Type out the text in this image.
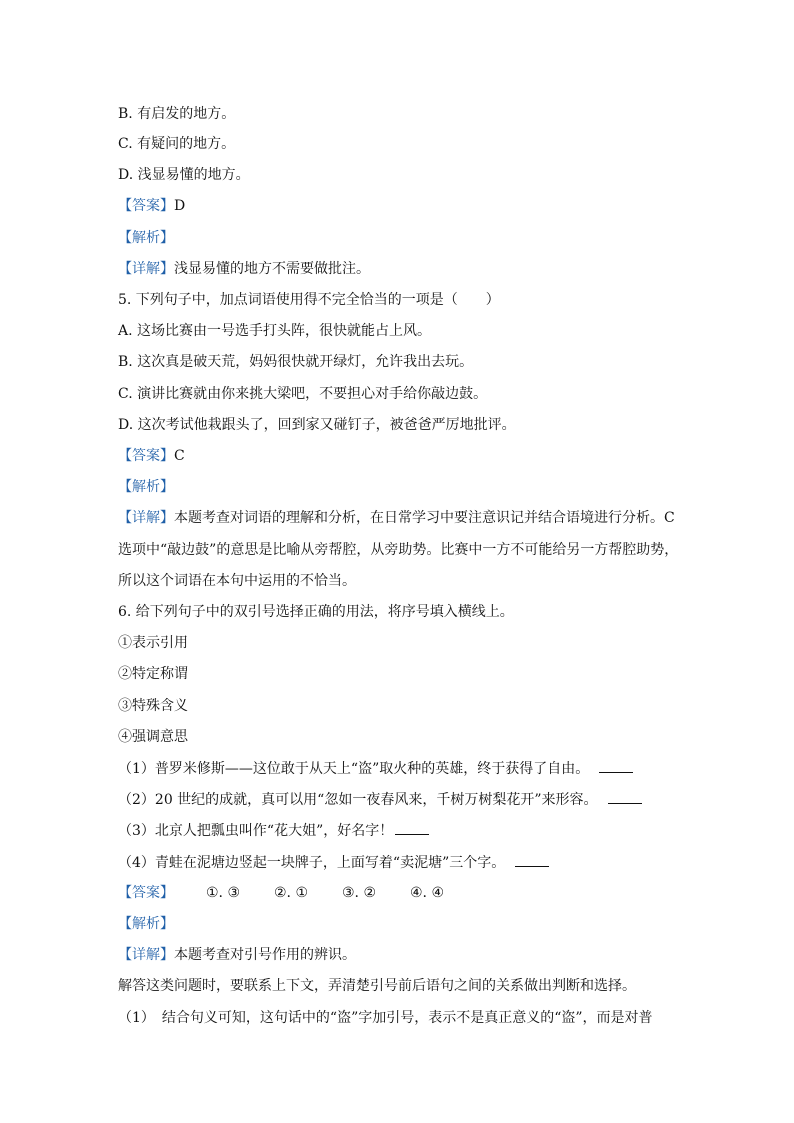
B. 有启发的地方。
C. 有疑问的地方。
D. 浅显易懂的地方。
【答案】D
【解析】
【详解】浅显易懂的地方不需要做批注。
5. 下列句子中，加点词语使用得不完全恰当的一项是（　　）
A. 这场比赛由一号选手打头阵，很快就能占上风。
B. 这次真是破天荒，妈妈很快就开绿灯，允许我出去玩。
C. 演讲比赛就由你来挑大梁吧，不要担心对手给你敲边鼓。
D. 这次考试他栽跟头了，回到家又碰钉子，被爸爸严厉地批评。
【答案】C
【解析】
【详解】本题考查对词语的理解和分析，在日常学习中要注意识记并结合语境进行分析。C
选项中“敲边鼓”的意思是比喻从旁帮腔，从旁助势。比赛中一方不可能给另一方帮腔助势，
所以这个词语在本句中运用的不恰当。
6. 给下列句子中的双引号选择正确的用法，将序号填入横线上。
①表示引用
②特定称谓
③特殊含义
④强调意思
（1）普罗米修斯——这位敢于从天上“盗”取火种的英雄，终于获得了自由。
（2）20 世纪的成就，真可以用“忽如一夜春风来，千树万树梨花开”来形容。
（3）北京人把瓢虫叫作“花大姐”，好名字！
（4）青蛙在泥塘边竖起一块牌子，上面写着“卖泥塘”三个字。
【答案】 ①. ③ ②. ① ③. ② ④. ④
【解析】
【详解】本题考查对引号作用的辨识。
解答这类问题时，要联系上下文，弄清楚引号前后语句之间的关系做出判断和选择。
（1）　结合句义可知，这句话中的“盗”字加引号，表示不是真正意义的“盗”，而是对普
